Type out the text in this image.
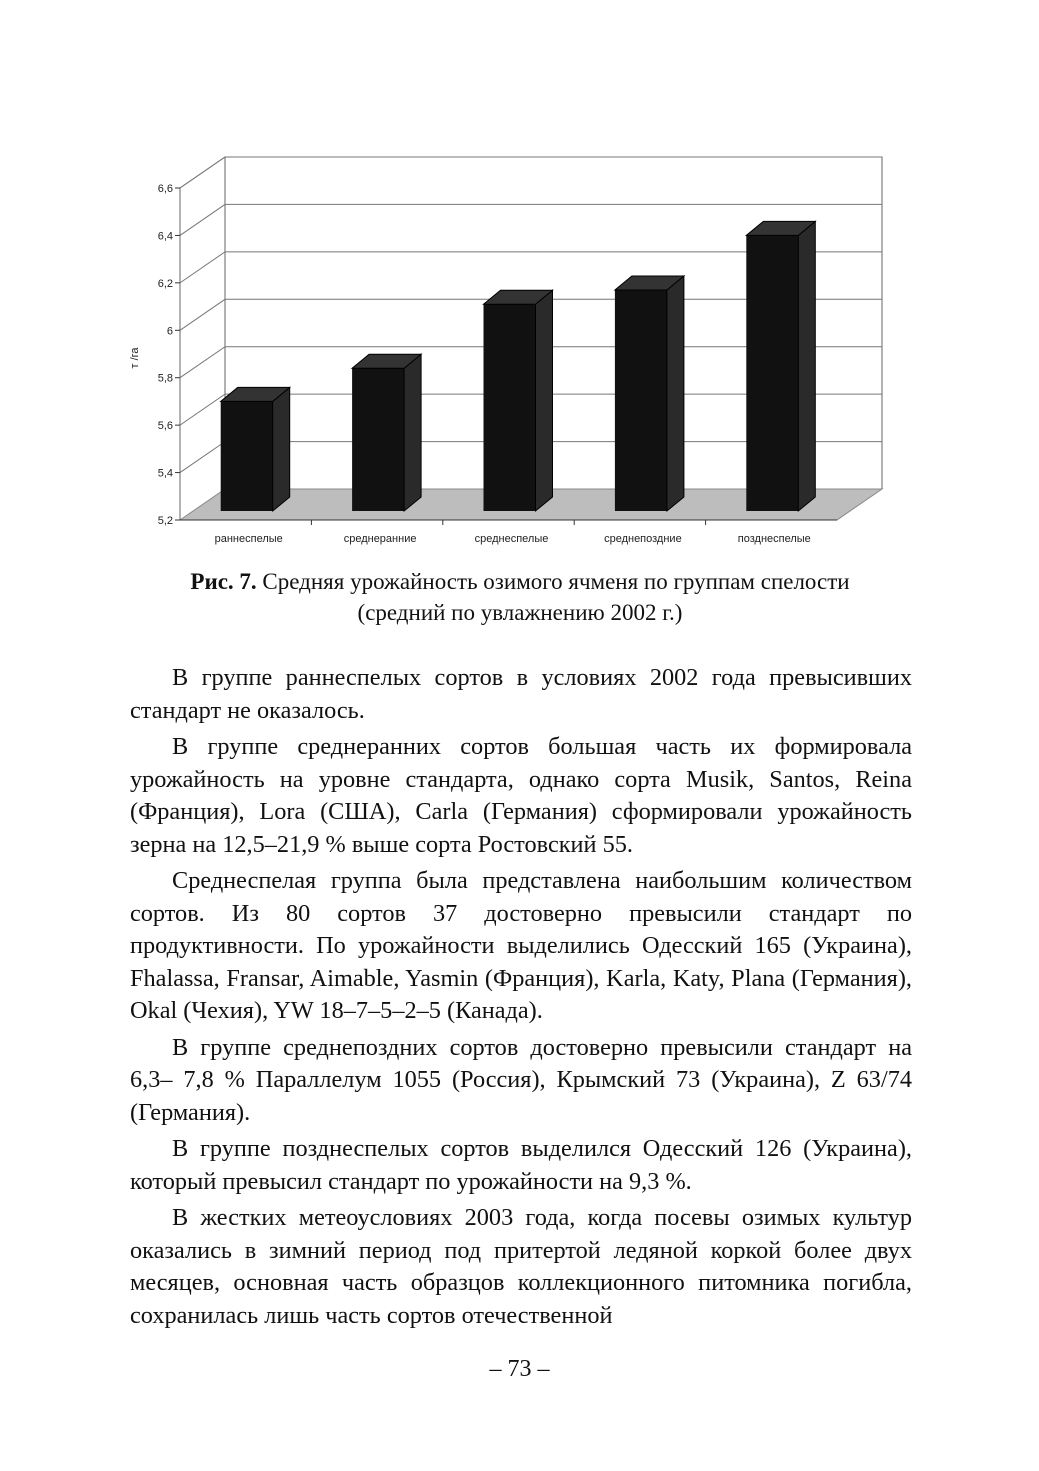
5,2
5,4
5,6
5,8
6
6,2
6,4
6,6
раннеспелые	среднеранние	среднеспелые	среднепоздние	позднеспелые
т /га
Рис. 7. Средняя урожайность озимого ячменя по группам спелости
(средний по увлажнению 2002 г.)

В группе раннеспелых сортов в условиях 2002 года превысивших стандарт не оказалось.

В группе среднеранних сортов большая часть их формировала урожайность на уровне стандарта, однако сорта Musik, Santos, Reina (Франция), Lora (США), Carla (Германия) сформировали урожайность зерна на 12,5–21,9 % выше сорта Ростовский 55.

Среднеспелая группа была представлена наибольшим количеством сортов. Из 80 сортов 37 достоверно превысили стандарт по продуктивности. По урожайности выделились Одесский 165 (Украина), Fhalassa, Fransar, Aimable, Yasmin (Франция), Karla, Katy, Plana (Германия), Okal (Чехия), YW 18–7–5–2–5 (Канада).

В группе среднепоздних сортов достоверно превысили стандарт на 6,3– 7,8 % Параллелум 1055 (Россия), Крымский 73 (Украина), Z 63/74 (Германия).

В группе позднеспелых сортов выделился Одесский 126 (Украина), который превысил стандарт по урожайности на 9,3 %.

В жестких метеоусловиях 2003 года, когда посевы озимых культур оказались в зимний период под притертой ледяной коркой более двух месяцев, основная часть образцов коллекционного питомника погибла, сохранилась лишь часть сортов отечественной

– 73 –
